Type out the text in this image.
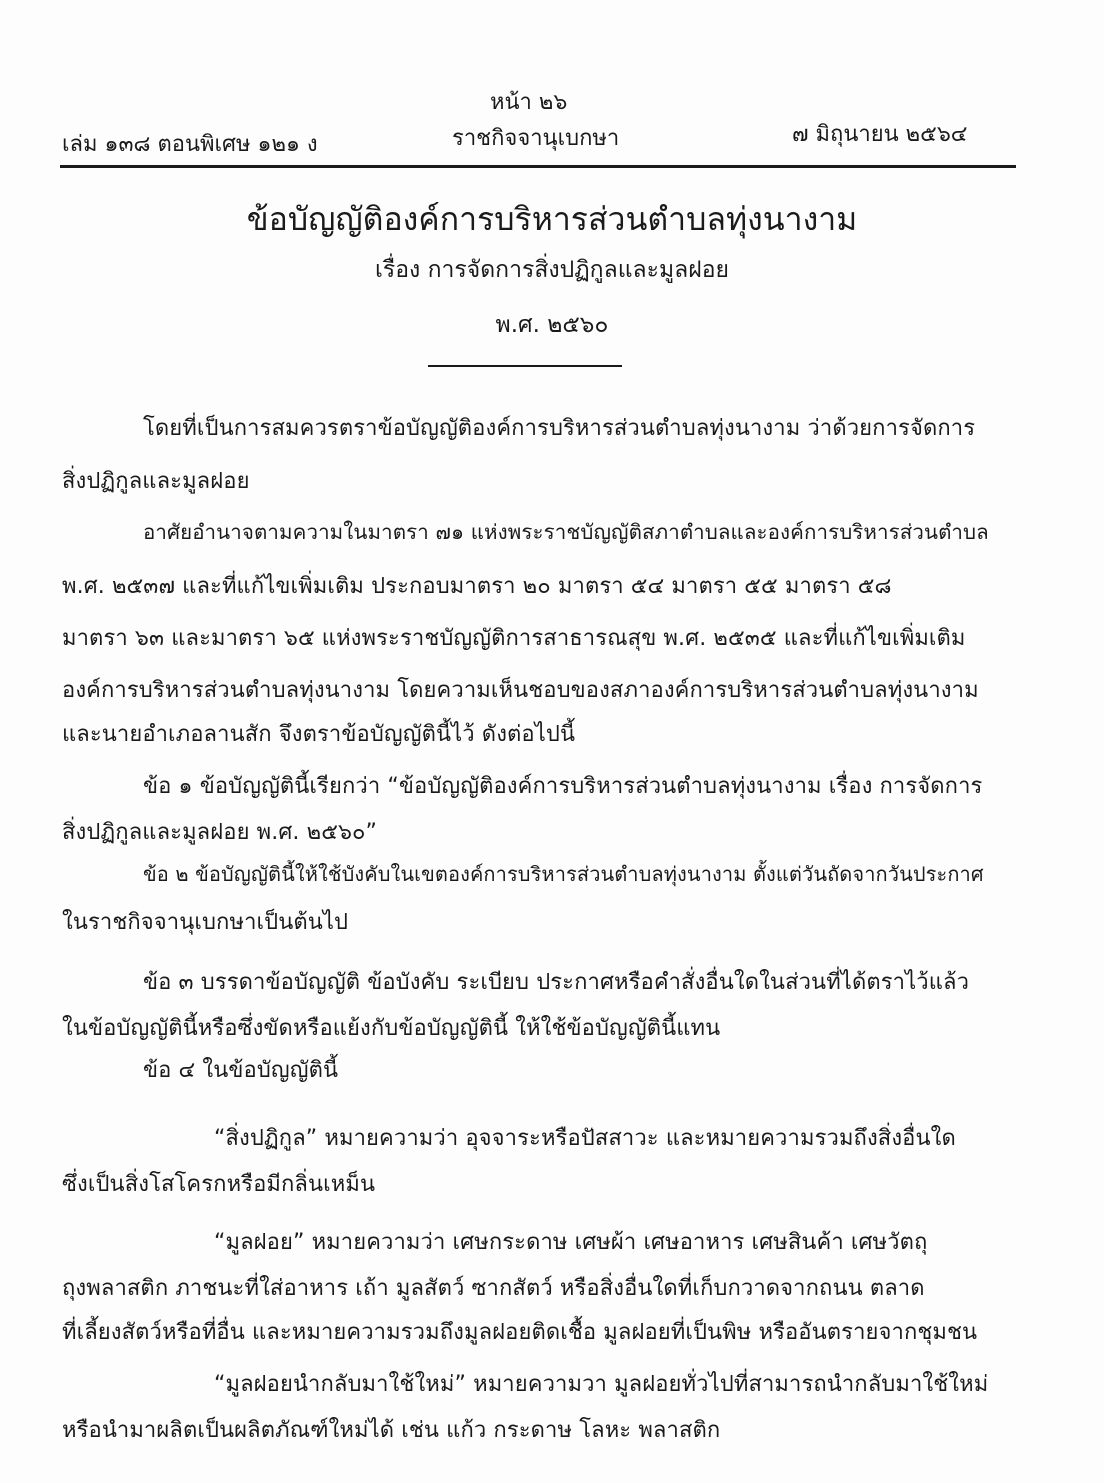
หน้า ๒๖
เล่ม ๑๓๘ ตอนพิเศษ ๑๒๑ ง	ราชกิจจานุเบกษา	๗ มิถุนายน ๒๕๖๔
ข้อบัญญัติองค์การบริหารส่วนตำบลทุ่งนางาม
เรื่อง การจัดการสิ่งปฏิกูลและมูลฝอย
พ.ศ. ๒๕๖๐
โดยที่เป็นการสมควรตราข้อบัญญัติองค์การบริหารส่วนตำบลทุ่งนางาม ว่าด้วยการจัดการ
สิ่งปฏิกูลและมูลฝอย
อาศัยอำนาจตามความในมาตรา ๗๑ แห่งพระราชบัญญัติสภาตำบลและองค์การบริหารส่วนตำบล
พ.ศ. ๒๕๓๗ และที่แก้ไขเพิ่มเติม ประกอบมาตรา ๒๐ มาตรา ๕๔ มาตรา ๕๕ มาตรา ๕๘
มาตรา ๖๓ และมาตรา ๖๕ แห่งพระราชบัญญัติการสาธารณสุข พ.ศ. ๒๕๓๕ และที่แก้ไขเพิ่มเติม
องค์การบริหารส่วนตำบลทุ่งนางาม โดยความเห็นชอบของสภาองค์การบริหารส่วนตำบลทุ่งนางาม
และนายอำเภอลานสัก จึงตราข้อบัญญัตินี้ไว้ ดังต่อไปนี้
ข้อ ๑ ข้อบัญญัตินี้เรียกว่า “ข้อบัญญัติองค์การบริหารส่วนตำบลทุ่งนางาม เรื่อง การจัดการ
สิ่งปฏิกูลและมูลฝอย พ.ศ. ๒๕๖๐”
ข้อ ๒ ข้อบัญญัตินี้ให้ใช้บังคับในเขตองค์การบริหารส่วนตำบลทุ่งนางาม ตั้งแต่วันถัดจากวันประกาศ
ในราชกิจจานุเบกษาเป็นต้นไป
ข้อ ๓ บรรดาข้อบัญญัติ ข้อบังคับ ระเบียบ ประกาศหรือคำสั่งอื่นใดในส่วนที่ได้ตราไว้แล้ว
ในข้อบัญญัตินี้หรือซึ่งขัดหรือแย้งกับข้อบัญญัตินี้ ให้ใช้ข้อบัญญัตินี้แทน
ข้อ ๔ ในข้อบัญญัตินี้
“สิ่งปฏิกูล” หมายความว่า อุจจาระหรือปัสสาวะ และหมายความรวมถึงสิ่งอื่นใด
ซึ่งเป็นสิ่งโสโครกหรือมีกลิ่นเหม็น
“มูลฝอย” หมายความว่า เศษกระดาษ เศษผ้า เศษอาหาร เศษสินค้า เศษวัตถุ
ถุงพลาสติก ภาชนะที่ใส่อาหาร เถ้า มูลสัตว์ ซากสัตว์ หรือสิ่งอื่นใดที่เก็บกวาดจากถนน ตลาด
ที่เลี้ยงสัตว์หรือที่อื่น และหมายความรวมถึงมูลฝอยติดเชื้อ มูลฝอยที่เป็นพิษ หรืออันตรายจากชุมชน
“มูลฝอยนำกลับมาใช้ใหม่” หมายความวา มูลฝอยทั่วไปที่สามารถนำกลับมาใช้ใหม่
หรือนำมาผลิตเป็นผลิตภัณฑ์ใหม่ได้ เช่น แก้ว กระดาษ โลหะ พลาสติก
